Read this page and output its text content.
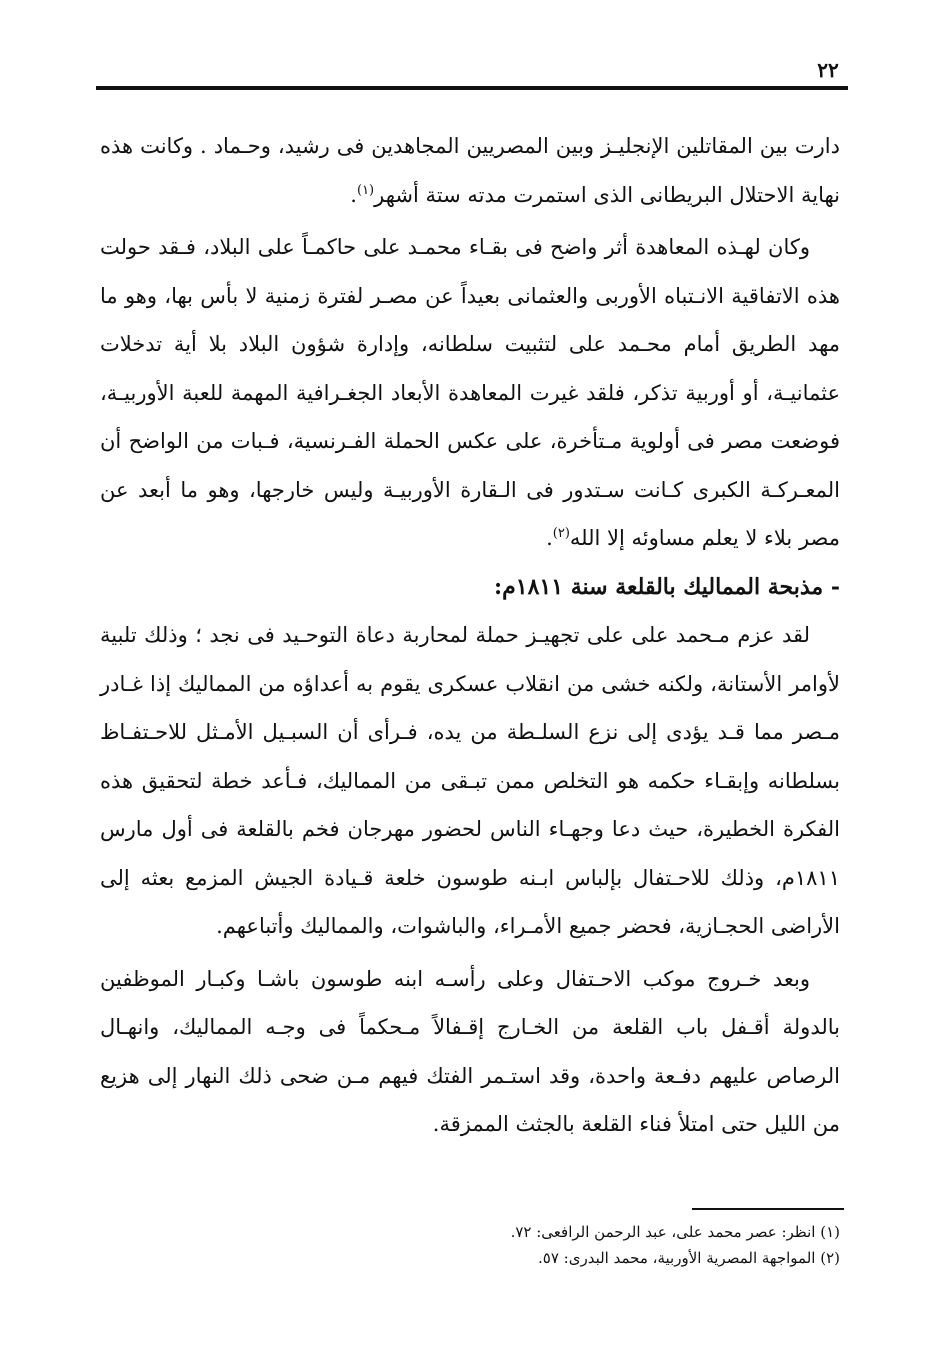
٢٢

دارت بين المقاتلين الإنجليـز وبين المصريين المجاهدين فى رشيد، وحـماد . وكانت هذه نهاية الاحتلال البريطانى الذى استمرت مدته ستة أشهر$^{(١)}$.

وكان لهـذه المعاهدة أثر واضح فى بقـاء محمـد على حاكمـاً على البلاد، فـقد حولت هذه الاتفاقية الانـتباه الأوربى والعثمانى بعيداً عن مصـر لفترة زمنية لا بأس بها، وهو ما مهد الطريق أمام محـمد على لتثبيت سلطانه، وإدارة شؤون البلاد بلا أية تدخلات عثمانيـة، أو أوربية تذكر، فلقد غيرت المعاهدة الأبعاد الجغـرافية المهمة للعبة الأوربيـة، فوضعت مصر فى أولوية مـتأخرة، على عكس الحملة الفـرنسية، فـبات من الواضح أن المعـركـة الكبرى كـانت سـتدور فى الـقارة الأوربيـة وليس خارجها، وهو ما أبعد عن مصر بلاء لا يعلم مساوئه إلا الله$^{(٢)}$.

- مذبحة المماليك بالقلعة سنة ١٨١١م:

لقد عزم مـحمد على على تجهيـز حملة لمحاربة دعاة التوحـيد فى نجد ؛ وذلك تلبية لأوامر الأستانة، ولكنه خشى من انقلاب عسكرى يقوم به أعداؤه من المماليك إذا غـادر مـصر مما قـد يؤدى إلى نزع السلـطة من يده، فـرأى أن السبـيل الأمـثل للاحـتفـاظ بسلطانه وإبقـاء حكمه هو التخلص ممن تبـقى من المماليك، فـأعد خطة لتحقيق هذه الفكرة الخطيرة، حيث دعا وجهـاء الناس لحضور مهرجان فخم بالقلعة فى أول مارس ١٨١١م، وذلك للاحـتفال بإلباس ابـنه طوسون خلعة قـيادة الجيش المزمع بعثه إلى الأراضى الحجـازية، فحضر جميع الأمـراء، والباشوات، والمماليك وأتباعهم.

وبعد خـروج موكب الاحـتفال وعلى رأسـه ابنه طوسون باشـا وكبـار الموظفين بالدولة أقـفل باب القلعة من الخـارج إقـفالاً مـحكماً فى وجـه المماليك، وانهـال الرصاص عليهم دفـعة واحدة، وقد استـمر الفتك فيهم مـن ضحى ذلك النهار إلى هزيع من الليل حتى امتلأ فناء القلعة بالجثث الممزقة.

(١) انظر: عصر محمد على، عبد الرحمن الرافعى: ٧٢.
(٢) المواجهة المصرية الأوربية، محمد البدرى: ٥٧.
